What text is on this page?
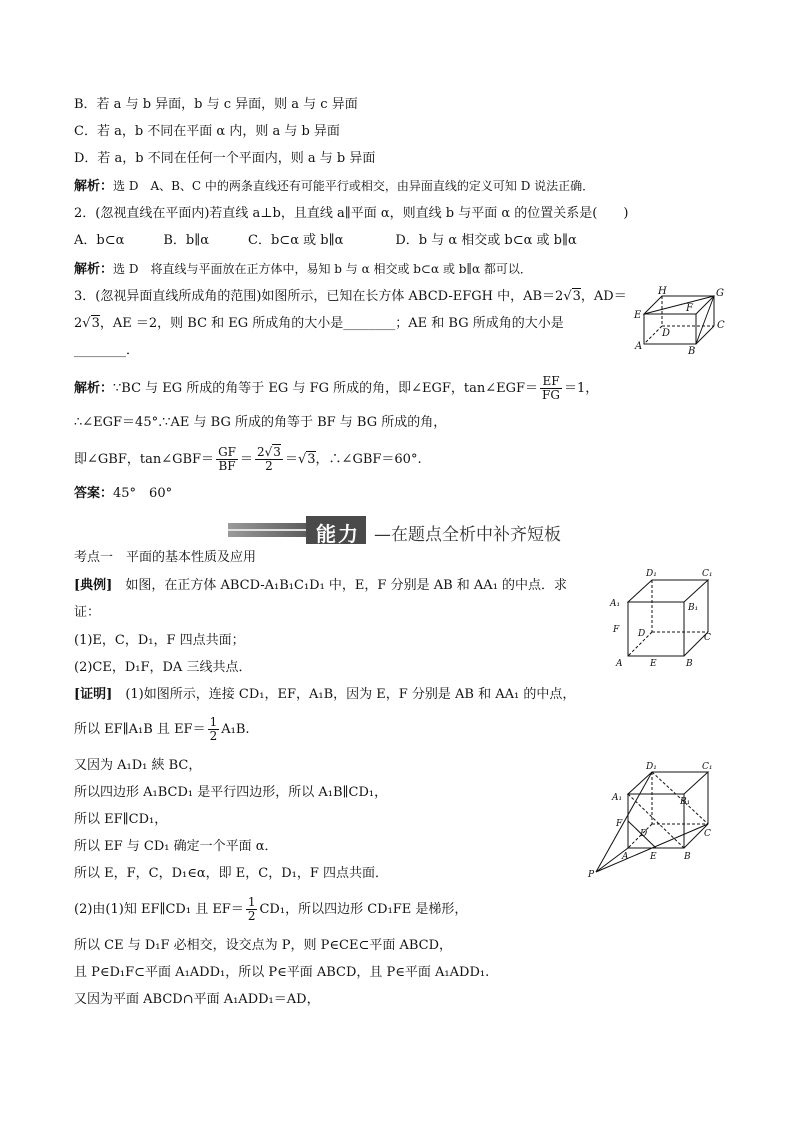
B．若 a 与 b 异面，b 与 c 异面，则 a 与 c 异面
C．若 a，b 不同在平面 α 内，则 a 与 b 异面
D．若 a，b 不同在任何一个平面内，则 a 与 b 异面
解析：选 D　A、B、C 中的两条直线还有可能平行或相交，由异面直线的定义可知 D 说法正确．
2．(忽视直线在平面内)若直线 a⊥b，且直线 a∥平面 α，则直线 b 与平面 α 的位置关系是(　　)
A．b⊂α　　　B．b∥α　　　C．b⊂α 或 b∥α　　　　D．b 与 α 相交或 b⊂α 或 b∥α
解析：选 D　将直线与平面放在正方体中，易知 b 与 α 相交或 b⊂α 或 b∥α 都可以．
3．(忽视异面直线所成角的范围)如图所示，已知在长方体 ABCD-EFGH 中，AB＝2√3，AD＝
2√3，AE ＝2，则 BC 和 EG 所成角的大小是________；AE 和 BG 所成角的大小是
________．
H	G
E
F
D
C
A	B
解析：∵BC 与 EG 所成的角等于 EG 与 FG 所成的角，即∠EGF，tan∠EGF＝ $\frac{EF}{FG} =1$，
∴∠EGF＝45°.∵AE 与 BG 所成的角等于 BF 与 BG 所成的角，
即∠GBF，tan∠GBF＝ $\frac{GF}{BF} = \frac{2√3}{2} =√3$，∴∠GBF＝60°.
答案：45°　60°
能力 —在题点全析中补齐短板
考点一　平面的基本性质及应用
[典例]　 如图，在正方体 ABCD-A₁B₁C₁D₁ 中，E，F 分别是 AB 和 AA₁ 的中点．求
证：
(1)E，C，D₁，F 四点共面；
(2)CE，D₁F，DA 三线共点．
D₁	C₁
A₁	B₁
F D	C
A	E	B
[证明]　 (1)如图所示，连接 CD₁，EF，A₁B，因为 E，F 分别是 AB 和 AA₁ 的中点，
所以 EF∥A₁B 且 $EF= \frac{1}{2} A_1B$.
又因为 A₁D₁ 綊 BC，
所以四边形 A₁BCD₁ 是平行四边形，所以 A₁B∥CD₁，
所以 EF∥CD₁，
所以 EF 与 CD₁ 确定一个平面 α．
所以 E，F，C，D₁∈α，即 E，C，D₁，F 四点共面．
(2)由(1)知 EF∥CD₁ 且 $EF= \frac{1}{2} CD_1$，所以四边形 CD₁FE 是梯形，
所以 CE 与 D₁F 必相交，设交点为 P，则 P∈CE⊂平面 ABCD，
且 P∈D₁F⊂平面 A₁ADD₁，所以 P∈平面 ABCD，且 P∈平面 A₁ADD₁.
又因为平面 ABCD∩平面 A₁ADD₁＝AD，
D₁	C₁
A₁	B₁
F
D	C
A E	B
P
